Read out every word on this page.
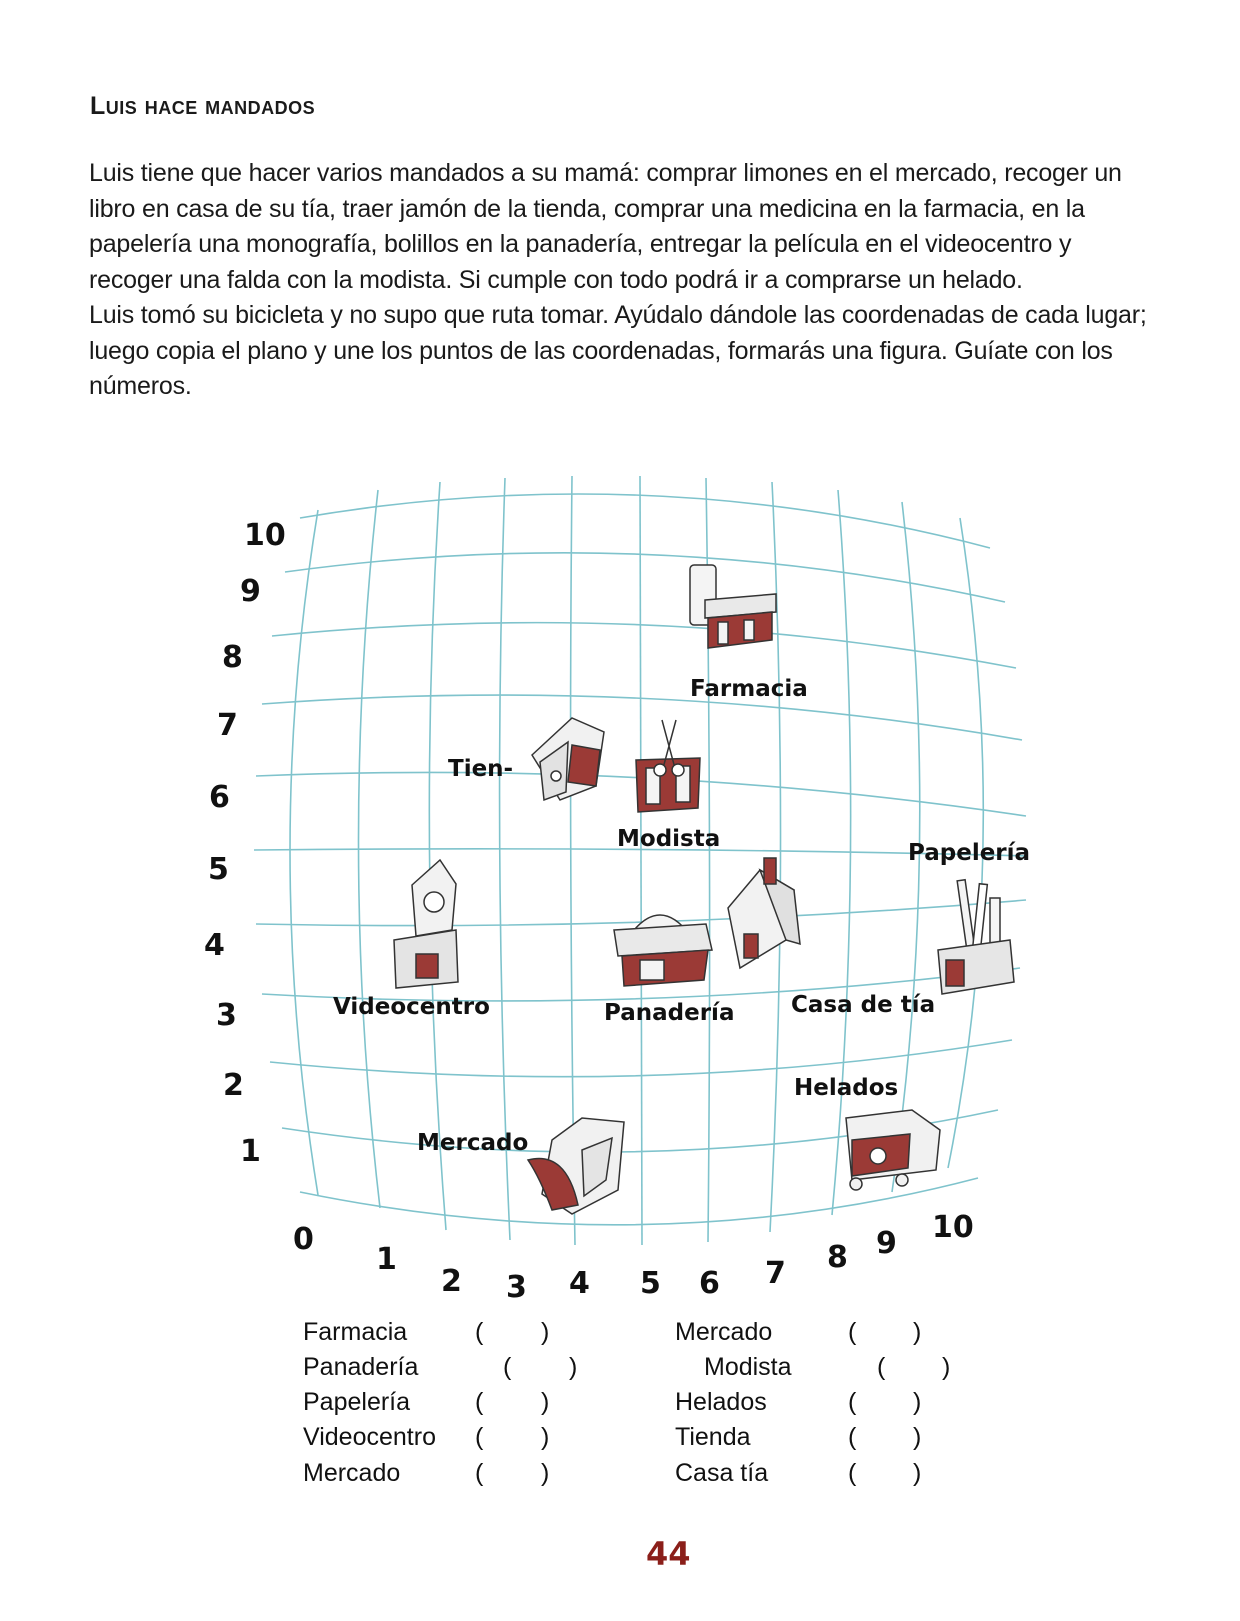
Luis hace mandados

Luis tiene que hacer varios mandados a su mamá: comprar limones en el mercado, recoger un libro en casa de su tía, traer jamón de la tienda, comprar una medicina en la farmacia, en la papelería una monografía, bolillos en la panadería, entregar la película en el videocentro y recoger una falda con la modista. Si cumple con todo podrá ir a comprarse un helado.

Luis tomó su bicicleta y no supo que ruta tomar. Ayúdalo dándole las coordenadas de cada lugar; luego copia el plano y une los puntos de las coordenadas, formarás una figura. Guíate con los números.

10
9
8
7
6
5
4
3
2
1
0
1
2 3 4 5 6 7 8 9 10
Farmacia
Tien-
Modista
Papelería
Videocentro	Panadería Casa de tía
Helados
Mercado
Farmacia
Panadería
Papelería
Videocentro
Mercado
( )
( )
( )
( )
( )
Mercado
Modista
Helados
Tienda
Casa tía
( )
( )
( )
( )
( )
44
